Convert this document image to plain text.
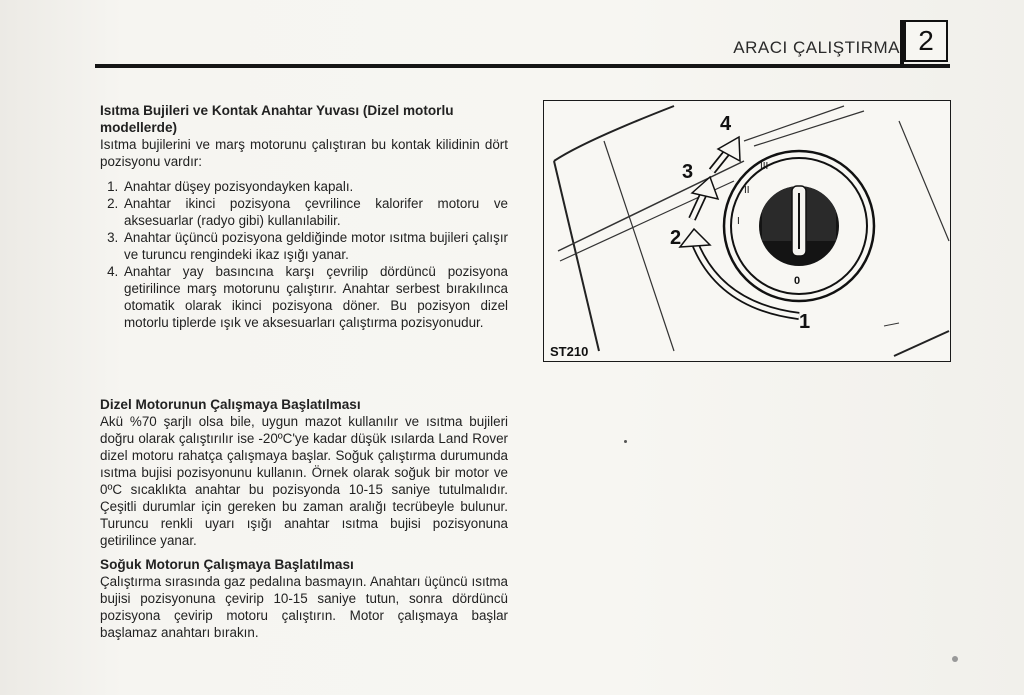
ARACI ÇALIŞTIRMA 2
Isıtma Bujileri ve Kontak Anahtar Yuvası (Dizel motorlu modellerde)

Isıtma bujilerini ve marş motorunu çalıştıran bu kontak kilidinin dört pozisyonu vardır:

1. Anahtar düşey pozisyondayken kapalı.
2. Anahtar ikinci pozisyona çevrilince kalorifer motoru ve aksesuarlar (radyo gibi) kullanılabilir.
3. Anahtar üçüncü pozisyona geldiğinde motor ısıtma bujileri çalışır ve turuncu rengindeki ikaz ışığı yanar.
4. Anahtar yay basıncına karşı çevrilip dördüncü pozisyona getirilince marş motorunu çalıştırır. Anahtar serbest bırakılınca otomatik olarak ikinci pozisyona döner. Bu pozisyon dizel motorlu tiplerde ışık ve aksesuarları çalıştırma pozisyonudur.
Dizel Motorunun Çalışmaya Başlatılması

Akü %70 şarjlı olsa bile, uygun mazot kullanılır ve ısıtma bujileri doğru olarak çalıştırılır ise -20ºC'ye kadar düşük ısılarda Land Rover dizel motoru rahatça çalışmaya başlar. Soğuk çalıştırma durumunda ısıtma bujisi pozisyonunu kullanın. Örnek olarak soğuk bir motor ve 0ºC sıcaklıkta anahtar bu pozisyonda 10-15 saniye tutulmalıdır. Çeşitli durumlar için gereken bu zaman aralığı tecrübeyle bulunur. Turuncu renkli uyarı ışığı anahtar ısıtma bujisi pozisyonuna getirilince yanar.

Soğuk Motorun Çalışmaya Başlatılması

Çalıştırma sırasında gaz pedalına basmayın. Anahtarı üçüncü ısıtma bujisi pozisyonuna çevirip 10-15 saniye tutun, sonra dördüncü pozisyona çevirip motoru çalıştırın. Motor çalışmaya başlar başlamaz anahtarı bırakın.

0
I
II
III
1
2
3
4
ST210
